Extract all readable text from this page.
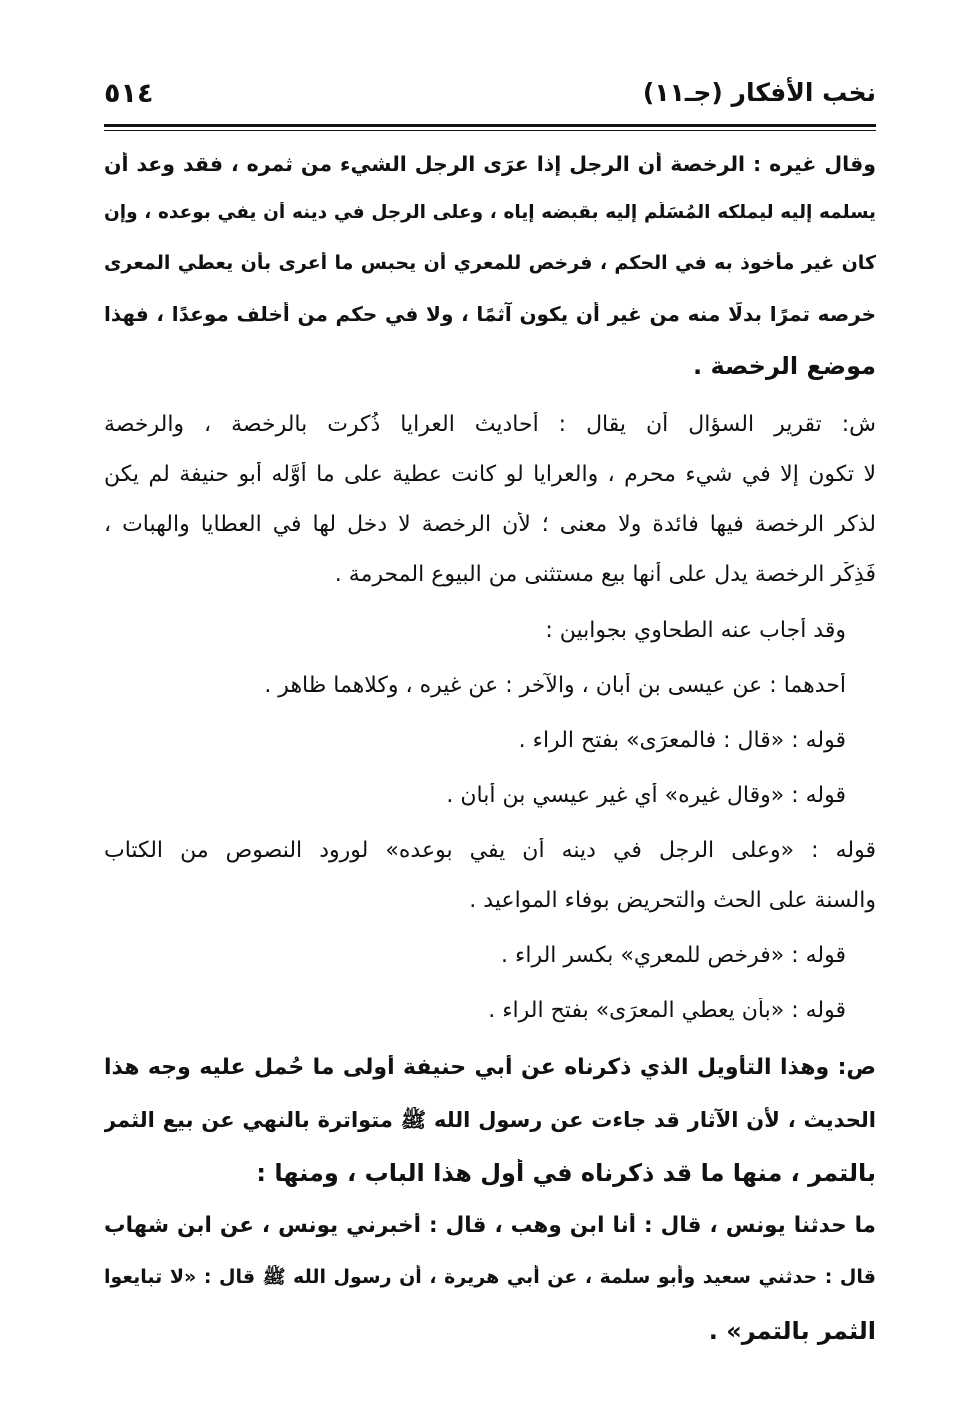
نخب الأفكار (جـ١١)
٥١٤

وقال غيره : الرخصة أن الرجل إذا عرَى الرجل الشيء من ثمره ، فقد وعد أن

يسلمه إليه ليملكه المُسَلَّم إليه بقبضه إياه ، وعلى الرجل في دينه أن يفي بوعده ، وإن

كان غير مأخوذ به في الحكم ، فرخص للمعرِي أن يحبس ما أعرى بأن يعطي المعرى

خرصه تمرًا بدلًا منه من غير أن يكون آثمًا ، ولا في حكم من أخلف موعدًا ، فهذا

موضع الرخصة .

ش: تقرير السؤال أن يقال : أحاديث العرايا ذُكرت بالرخصة ، والرخصة

لا تكون إلا في شيء محرم ، والعرايا لو كانت عطية على ما أَوَّله أبو حنيفة لم يكن

لذكر الرخصة فيها فائدة ولا معنى ؛ لأن الرخصة لا دخل لها في العطايا والهبات ،

فَذِكْر الرخصة يدل على أنها بيع مستثنى من البيوع المحرمة .

وقد أجاب عنه الطحاوي بجوابين :

أحدهما : عن عيسى بن أبان ، والآخر : عن غيره ، وكلاهما ظاهر .

قوله : «قال : فالمعرَى» بفتح الراء .

قوله : «وقال غيره» أي غير عيسي بن أبان .

قوله : «وعلى الرجل في دينه أن يفي بوعده» لورود النصوص من الكتاب

والسنة على الحث والتحريض بوفاء المواعيد .

قوله : «فرخص للمعري» بكسر الراء .

قوله : «بأن يعطي المعرَى» بفتح الراء .

ص: وهذا التأويل الذي ذكرناه عن أبي حنيفة أولى ما حُمل عليه وجه هذا

الحديث ، لأن الآثار قد جاءت عن رسول الله ﷺ متواترة بالنهي عن بيع الثمر

بالتمر ، منها ما قد ذكرناه في أول هذا الباب ، ومنها :

ما حدثنا يونس ، قال : أنا ابن وهب ، قال : أخبرني يونس ، عن ابن شهاب

قال : حدثني سعيد وأبو سلمة ، عن أبي هريرة ، أن رسول الله ﷺ قال : «لا تبايعوا

الثمر بالتمر» .
